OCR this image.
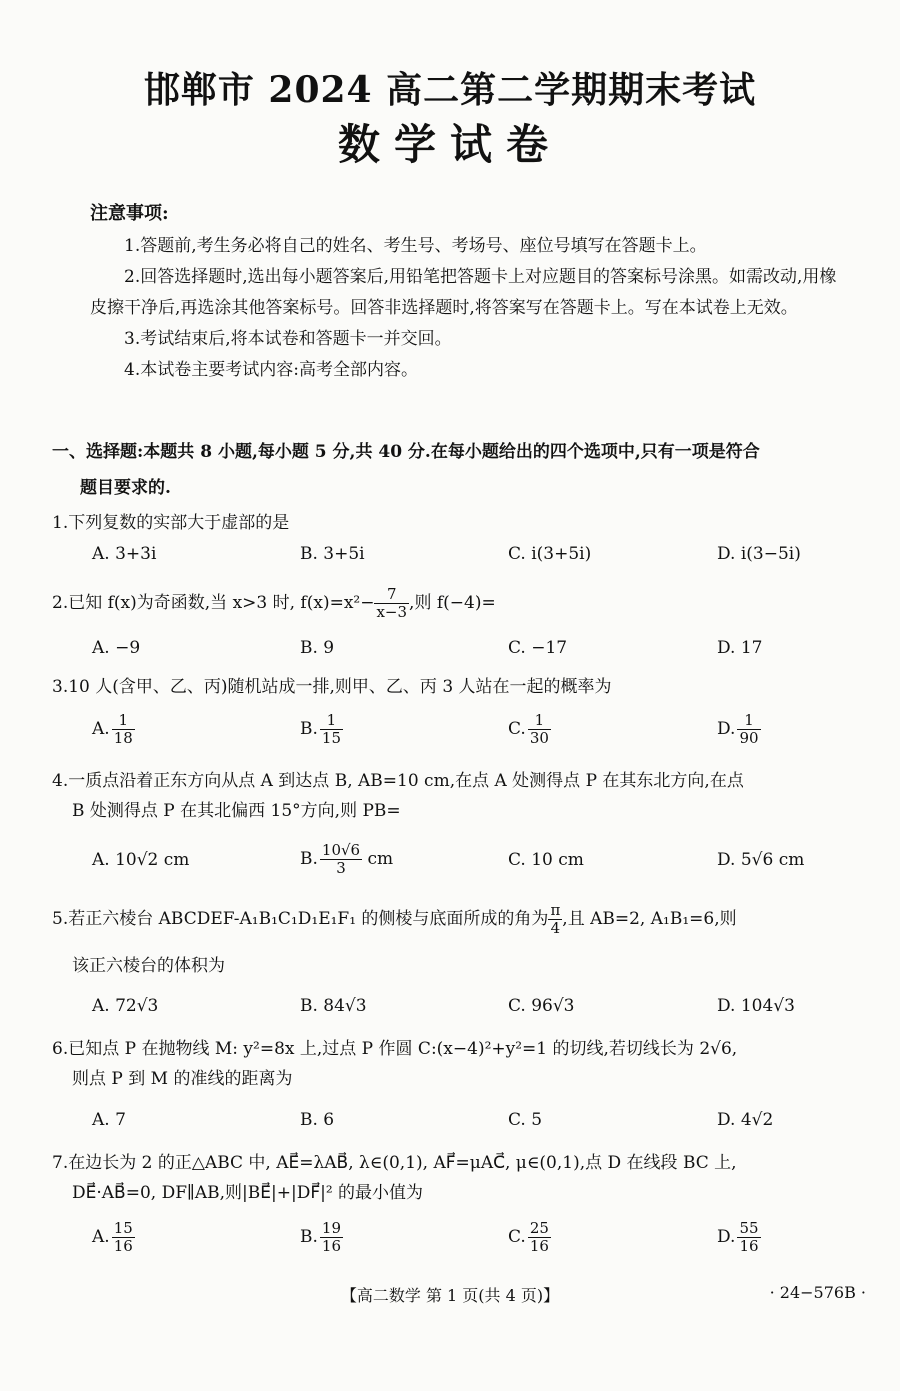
邯郸市 2024 高二第二学期期末考试
数学试卷
注意事项:

1.答题前,考生务必将自己的姓名、考生号、考场号、座位号填写在答题卡上。

2.回答选择题时,选出每小题答案后,用铅笔把答题卡上对应题目的答案标号涂黑。如需改动,用橡皮擦干净后,再选涂其他答案标号。回答非选择题时,将答案写在答题卡上。写在本试卷上无效。

3.考试结束后,将本试卷和答题卡一并交回。

4.本试卷主要考试内容:高考全部内容。

一、选择题:本题共 8 小题,每小题 5 分,共 40 分.在每小题给出的四个选项中,只有一项是符合
题目要求的.
1.下列复数的实部大于虚部的是
A. 3+3i	B. 3+5i	C. i(3+5i)	D. i(3−5i)
2.已知 f(x)为奇函数,当 x>3 时, $f(x)=x^2- \frac{7}{x-3}$ ,则 f(−4)=
A. −9	B. 9	C. −17	D. 17
3.10 人(含甲、乙、丙)随机站成一排,则甲、乙、丙 3 人站在一起的概率为
A. $\frac{1}{18}$	B. $\frac{1}{15}$	C. $\frac{1}{30}$	D. $\frac{1}{90}$
4.一质点沿着正东方向从点 A 到达点 B, AB=10 cm,在点 A 处测得点 P 在其东北方向,在点
B 处测得点 P 在其北偏西 15°方向,则 PB=
A. 10√2 cm	B. $\frac{10√6}{3}$ cm	C. 10 cm	D. 5√6 cm
5.若正六棱台 ABCDEF-A₁B₁C₁D₁E₁F₁ 的侧棱与底面所成的角为 $\frac{\pi}{4}$ ,且 AB=2, A₁B₁=6,则
该正六棱台的体积为
A. 72√3	B. 84√3	C. 96√3	D. 104√3
6.已知点 P 在抛物线 M: y²=8x 上,过点 P 作圆 C:(x−4)²+y²=1 的切线,若切线长为 2√6,
则点 P 到 M 的准线的距离为
A. 7	B. 6	C. 5	D. 4√2
7.在边长为 2 的正△ABC 中, AE⃗=λAB⃗, λ∈(0,1), AF⃗=μAC⃗, μ∈(0,1),点 D 在线段 BC 上,
DE⃗·AB⃗=0, DF∥AB,则|BE⃗|+|DF⃗|² 的最小值为
A. $\frac{15}{16}$	B. $\frac{19}{16}$	C. $\frac{25}{16}$	D. $\frac{55}{16}$
【高二数学 第 1 页(共 4 页)】	· 24−576B ·
